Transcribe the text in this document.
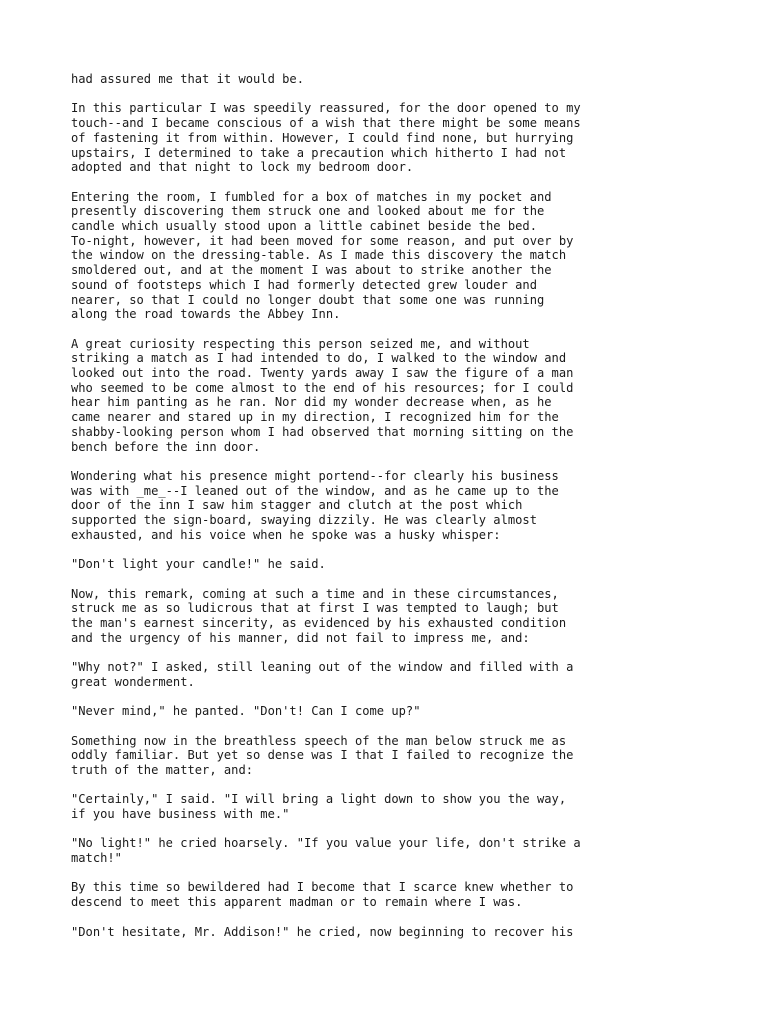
had assured me that it would be.

In this particular I was speedily reassured, for the door opened to my
touch--and I became conscious of a wish that there might be some means
of fastening it from within. However, I could find none, but hurrying
upstairs, I determined to take a precaution which hitherto I had not
adopted and that night to lock my bedroom door.

Entering the room, I fumbled for a box of matches in my pocket and
presently discovering them struck one and looked about me for the
candle which usually stood upon a little cabinet beside the bed.
To-night, however, it had been moved for some reason, and put over by
the window on the dressing-table. As I made this discovery the match
smoldered out, and at the moment I was about to strike another the
sound of footsteps which I had formerly detected grew louder and
nearer, so that I could no longer doubt that some one was running
along the road towards the Abbey Inn.

A great curiosity respecting this person seized me, and without
striking a match as I had intended to do, I walked to the window and
looked out into the road. Twenty yards away I saw the figure of a man
who seemed to be come almost to the end of his resources; for I could
hear him panting as he ran. Nor did my wonder decrease when, as he
came nearer and stared up in my direction, I recognized him for the
shabby-looking person whom I had observed that morning sitting on the
bench before the inn door.

Wondering what his presence might portend--for clearly his business
was with _me_--I leaned out of the window, and as he came up to the
door of the inn I saw him stagger and clutch at the post which
supported the sign-board, swaying dizzily. He was clearly almost
exhausted, and his voice when he spoke was a husky whisper:

"Don't light your candle!" he said.

Now, this remark, coming at such a time and in these circumstances,
struck me as so ludicrous that at first I was tempted to laugh; but
the man's earnest sincerity, as evidenced by his exhausted condition
and the urgency of his manner, did not fail to impress me, and:

"Why not?" I asked, still leaning out of the window and filled with a
great wonderment.

"Never mind," he panted. "Don't! Can I come up?"

Something now in the breathless speech of the man below struck me as
oddly familiar. But yet so dense was I that I failed to recognize the
truth of the matter, and:

"Certainly," I said. "I will bring a light down to show you the way,
if you have business with me."

"No light!" he cried hoarsely. "If you value your life, don't strike a
match!"

By this time so bewildered had I become that I scarce knew whether to
descend to meet this apparent madman or to remain where I was.

"Don't hesitate, Mr. Addison!" he cried, now beginning to recover his
